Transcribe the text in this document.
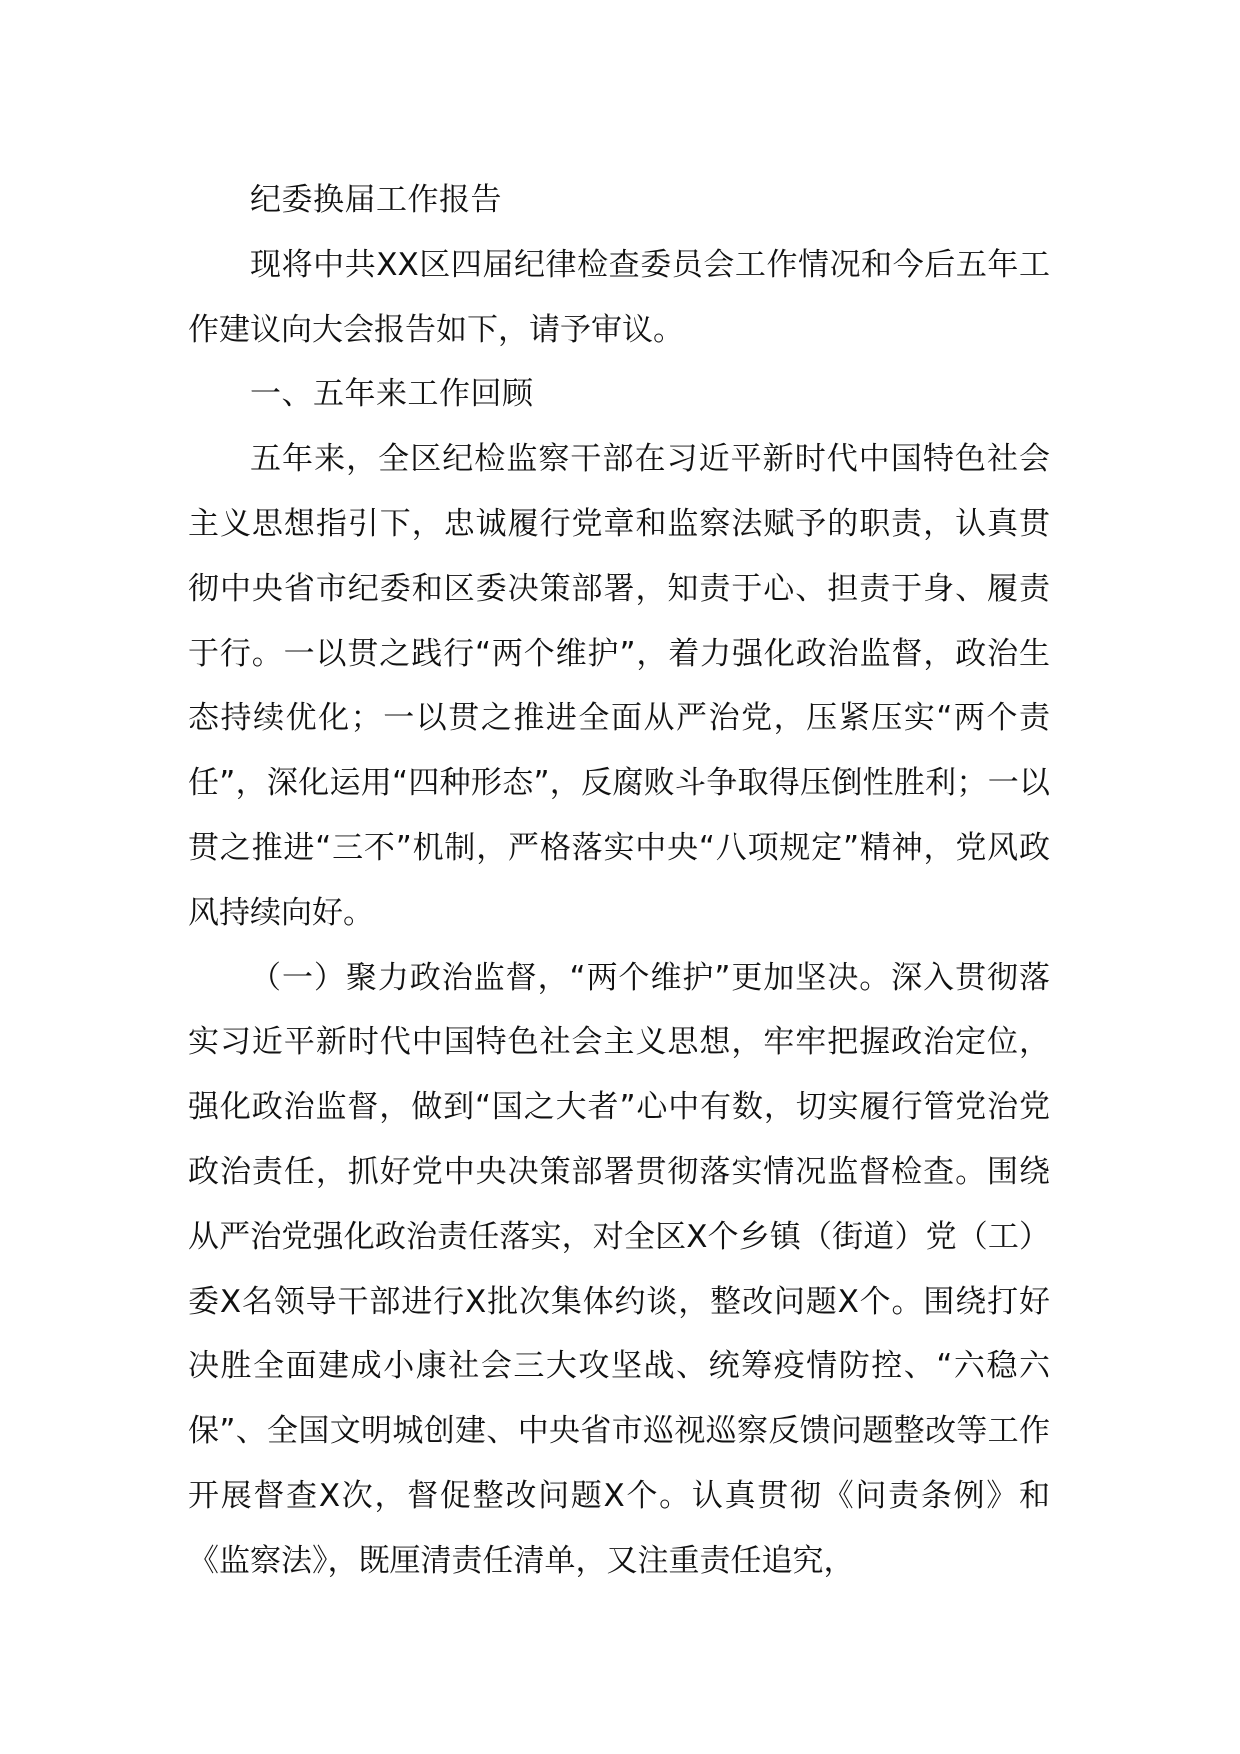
纪委换届工作报告

现将中共XX区四届纪律检查委员会工作情况和今后五年工作建议向大会报告如下，请予审议。

一、五年来工作回顾

五年来，全区纪检监察干部在习近平新时代中国特色社会主义思想指引下，忠诚履行党章和监察法赋予的职责，认真贯彻中央省市纪委和区委决策部署，知责于心、担责于身、履责于行。一以贯之践行“两个维护”，着力强化政治监督，政治生态持续优化；一以贯之推进全面从严治党，压紧压实“两个责任”，深化运用“四种形态”，反腐败斗争取得压倒性胜利；一以贯之推进“三不”机制，严格落实中央“八项规定”精神，党风政风持续向好。

（一）聚力政治监督，“两个维护”更加坚决。深入贯彻落实习近平新时代中国特色社会主义思想，牢牢把握政治定位，强化政治监督，做到“国之大者”心中有数，切实履行管党治党政治责任，抓好党中央决策部署贯彻落实情况监督检查。围绕从严治党强化政治责任落实，对全区X个乡镇（街道）党（工）委X名领导干部进行X批次集体约谈，整改问题X个。围绕打好决胜全面建成小康社会三大攻坚战、统筹疫情防控、“六稳六保”、全国文明城创建、中央省市巡视巡察反馈问题整改等工作开展督查X次，督促整改问题X个。认真贯彻《问责条例》和《监察法》，既厘清责任清单，又注重责任追究，
